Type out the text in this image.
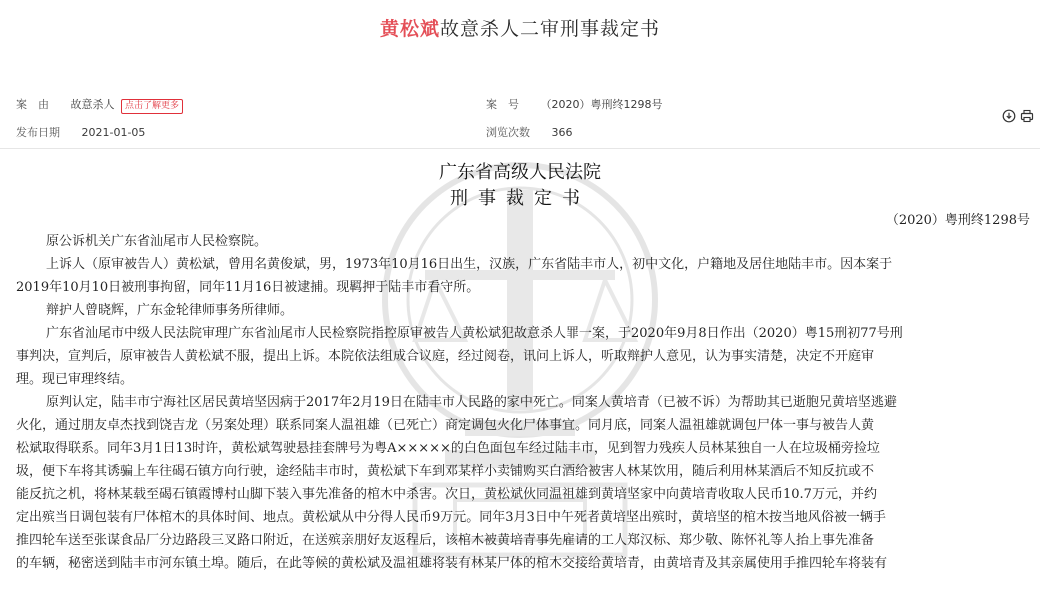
黄松斌故意杀人二审刑事裁定书
案　由 故意杀人 点击了解更多	案　号 （2020）粤刑终1298号
发布日期 2021-01-05	浏览次数 366
广东省高级人民法院
刑事裁定书
（2020）粤刑终1298号

原公诉机关广东省汕尾市人民检察院。

上诉人（原审被告人）黄松斌，曾用名黄俊斌，男，1973年10月16日出生，汉族，广东省陆丰市人，初中文化，户籍地及居住地陆丰市。因本案于

2019年10月10日被刑事拘留，同年11月16日被逮捕。现羁押于陆丰市看守所。

辩护人曾晓辉，广东金轮律师事务所律师。

广东省汕尾市中级人民法院审理广东省汕尾市人民检察院指控原审被告人黄松斌犯故意杀人罪一案，于2020年9月8日作出（2020）粤15刑初77号刑

事判决，宣判后，原审被告人黄松斌不服，提出上诉。本院依法组成合议庭，经过阅卷，讯问上诉人，听取辩护人意见，认为事实清楚，决定不开庭审

理。现已审理终结。

原判认定，陆丰市宁海社区居民黄培坚因病于2017年2月19日在陆丰市人民路的家中死亡。同案人黄培青（已被不诉）为帮助其已逝胞兄黄培坚逃避

火化，通过朋友卓杰找到饶吉龙（另案处理）联系同案人温祖雄（已死亡）商定调包火化尸体事宜。同月底，同案人温祖雄就调包尸体一事与被告人黄

松斌取得联系。同年3月1日13时许，黄松斌驾驶悬挂套牌号为粤A×××××的白色面包车经过陆丰市，见到智力残疾人员林某独自一人在垃圾桶旁捡垃

圾，便下车将其诱骗上车往碣石镇方向行驶，途经陆丰市时，黄松斌下车到邓某样小卖铺购买白酒给被害人林某饮用，随后利用林某酒后不知反抗或不

能反抗之机，将林某载至碣石镇霞博村山脚下装入事先准备的棺木中杀害。次日，黄松斌伙同温祖雄到黄培坚家中向黄培青收取人民币10.7万元，并约

定出殡当日调包装有尸体棺木的具体时间、地点。黄松斌从中分得人民币9万元。同年3月3日中午死者黄培坚出殡时，黄培坚的棺木按当地风俗被一辆手

推四轮车送至张谋食品厂分边路段三叉路口附近，在送殡亲朋好友返程后，该棺木被黄培青事先雇请的工人郑汉标、郑少敬、陈怀礼等人抬上事先准备

的车辆，秘密送到陆丰市河东镇土埠。随后，在此等候的黄松斌及温祖雄将装有林某尸体的棺木交接给黄培青，由黄培青及其亲属使用手推四轮车将装有
